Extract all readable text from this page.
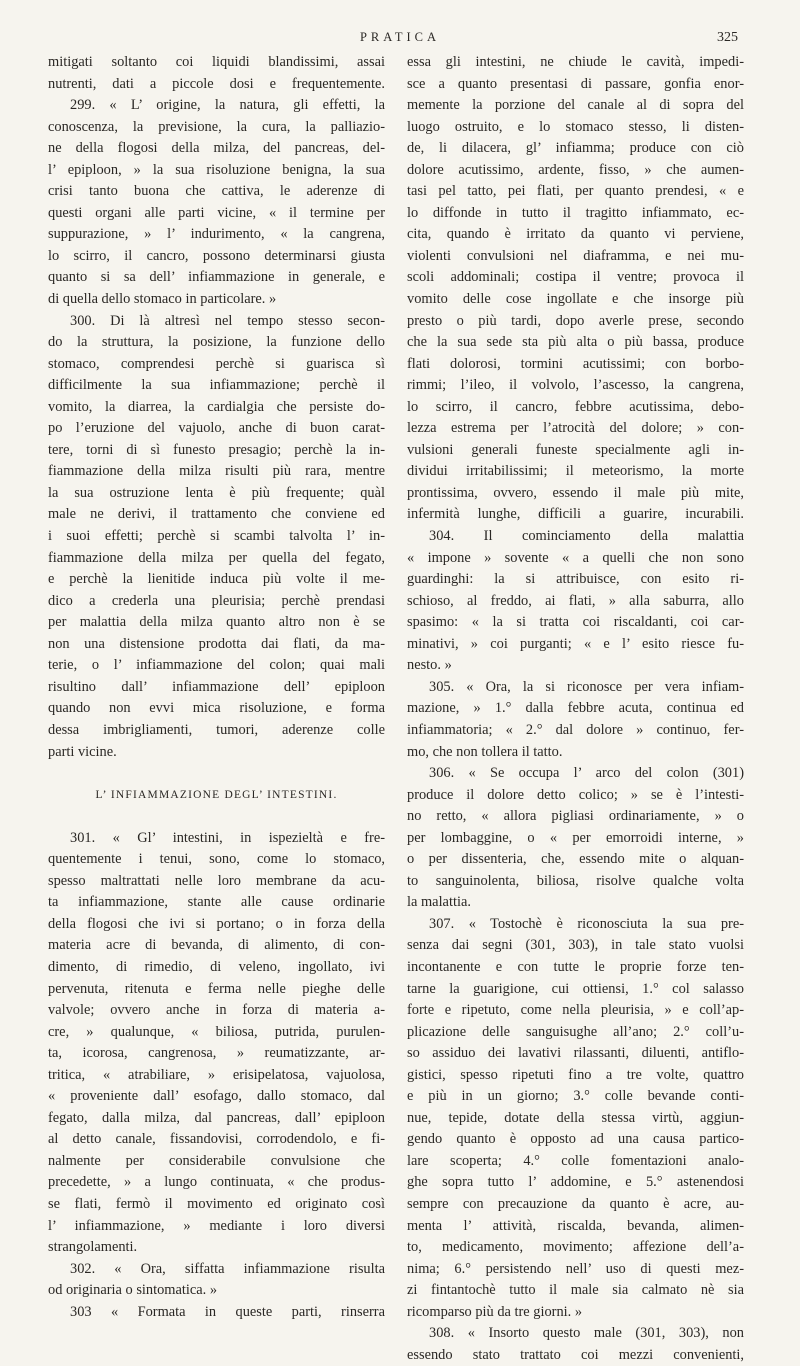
PRATICA	325
mitigati soltanto coi liquidi blandissimi, assai
nutrenti, dati a piccole dosi e frequentemente.
299. « L’ origine, la natura, gli effetti, la
conoscenza, la previsione, la cura, la palliazio-
ne della flogosi della milza, del pancreas, del-
l’ epiploon, » la sua risoluzione benigna, la sua
crisi tanto buona che cattiva, le aderenze di
questi organi alle parti vicine, « il termine per
suppurazione, » l’ indurimento, « la cangrena,
lo scirro, il cancro, possono determinarsi giusta
quanto si sa dell’ infiammazione in generale, e
di quella dello stomaco in particolare. »
300. Di là altresì nel tempo stesso secon-
do la struttura, la posizione, la funzione dello
stomaco, comprendesi perchè si guarisca sì
difficilmente la sua infiammazione; perchè il
vomito, la diarrea, la cardialgia che persiste do-
po l’eruzione del vajuolo, anche di buon carat-
tere, torni di sì funesto presagio; perchè la in-
fiammazione della milza risulti più rara, mentre
la sua ostruzione lenta è più frequente; quàl
male ne derivi, il trattamento che conviene ed
i suoi effetti; perchè si scambi talvolta l’ in-
fiammazione della milza per quella del fegato,
e perchè la lienitide induca più volte il me-
dico a crederla una pleurisia; perchè prendasi
per malattia della milza quanto altro non è se
non una distensione prodotta dai flati, da ma-
terie, o l’ infiammazione del colon; quai mali
risultino dall’ infiammazione dell’ epiploon
quando non evvi mica risoluzione, e forma
dessa imbrigliamenti, tumori, aderenze colle
parti vicine.
L’ INFIAMMAZIONE DEGL’ INTESTINI.
301. « Gl’ intestini, in ispezieltà e fre-
quentemente i tenui, sono, come lo stomaco,
spesso maltrattati nelle loro membrane da acu-
ta infiammazione, stante alle cause ordinarie
della flogosi che ivi si portano; o in forza della
materia acre di bevanda, di alimento, di con-
dimento, di rimedio, di veleno, ingollato, ivi
pervenuta, ritenuta e ferma nelle pieghe delle
valvole; ovvero anche in forza di materia a-
cre, » qualunque, « biliosa, putrida, purulen-
ta, icorosa, cangrenosa, » reumatizzante, ar-
tritica, « atrabiliare, » erisipelatosa, vajuolosa,
« proveniente dall’ esofago, dallo stomaco, dal
fegato, dalla milza, dal pancreas, dall’ epiploon
al detto canale, fissandovisi, corrodendolo, e fi-
nalmente per considerabile convulsione che
precedette, » a lungo continuata, « che produs-
se flati, fermò il movimento ed originato così
l’ infiammazione, » mediante i loro diversi
strangolamenti.
302. « Ora, siffatta infiammazione risulta
od originaria o sintomatica. »
303 « Formata in queste parti, rinserra
essa gli intestini, ne chiude le cavità, impedi-
sce a quanto presentasi di passare, gonfia enor-
memente la porzione del canale al di sopra del
luogo ostruito, e lo stomaco stesso, li disten-
de, li dilacera, gl’ infiamma; produce con ciò
dolore acutissimo, ardente, fisso, » che aumen-
tasi pel tatto, pei flati, per quanto prendesi, « e
lo diffonde in tutto il tragitto infiammato, ec-
cita, quando è irritato da quanto vi perviene,
violenti convulsioni nel diaframma, e nei mu-
scoli addominali; costipa il ventre; provoca il
vomito delle cose ingollate e che insorge più
presto o più tardi, dopo averle prese, secondo
che la sua sede sta più alta o più bassa, produce
flati dolorosi, tormini acutissimi; con borbo-
rimmi; l’ileo, il volvolo, l’ascesso, la cangrena,
lo scirro, il cancro, febbre acutissima, debo-
lezza estrema per l’atrocità del dolore; » con-
vulsioni generali funeste specialmente agli in-
dividui irritabilissimi; il meteorismo, la morte
prontissima, ovvero, essendo il male più mite,
infermità lunghe, difficili a guarire, incurabili.
304. Il cominciamento della malattia
« impone » sovente « a quelli che non sono
guardinghi: la si attribuisce, con esito ri-
schioso, al freddo, ai flati, » alla saburra, allo
spasimo: « la si tratta coi riscaldanti, coi car-
minativi, » coi purganti; « e l’ esito riesce fu-
nesto. »
305. « Ora, la si riconosce per vera infiam-
mazione, » 1.° dalla febbre acuta, continua ed
infiammatoria; « 2.° dal dolore » continuo, fer-
mo, che non tollera il tatto.
306. « Se occupa l’ arco del colon (301)
produce il dolore detto colico; » se è l’intesti-
no retto, « allora pigliasi ordinariamente, » o
per lombaggine, o « per emorroidi interne, »
o per dissenteria, che, essendo mite o alquan-
to sanguinolenta, biliosa, risolve qualche volta
la malattia.
307. « Tostochè è riconosciuta la sua pre-
senza dai segni (301, 303), in tale stato vuolsi
incontanente e con tutte le proprie forze ten-
tarne la guarigione, cui ottiensi, 1.° col salasso
forte e ripetuto, come nella pleurisia, » e coll’ap-
plicazione delle sanguisughe all’ano; 2.° coll’u-
so assiduo dei lavativi rilassanti, diluenti, antiflo-
gistici, spesso ripetuti fino a tre volte, quattro
e più in un giorno; 3.° colle bevande conti-
nue, tepide, dotate della stessa virtù, aggiun-
gendo quanto è opposto ad una causa partico-
lare scoperta; 4.° colle fomentazioni analo-
ghe sopra tutto l’ addomine, e 5.° astenendosi
sempre con precauzione da quanto è acre, au-
menta l’ attività, riscalda, bevanda, alimen-
to, medicamento, movimento; affezione dell’a-
nima; 6.° persistendo nell’ uso di questi mez-
zi fintantochè tutto il male sia calmato nè sia
ricomparso più da tre giorni. »
308. « Insorto questo male (301, 303), non
essendo stato trattato coi mezzi convenienti,
